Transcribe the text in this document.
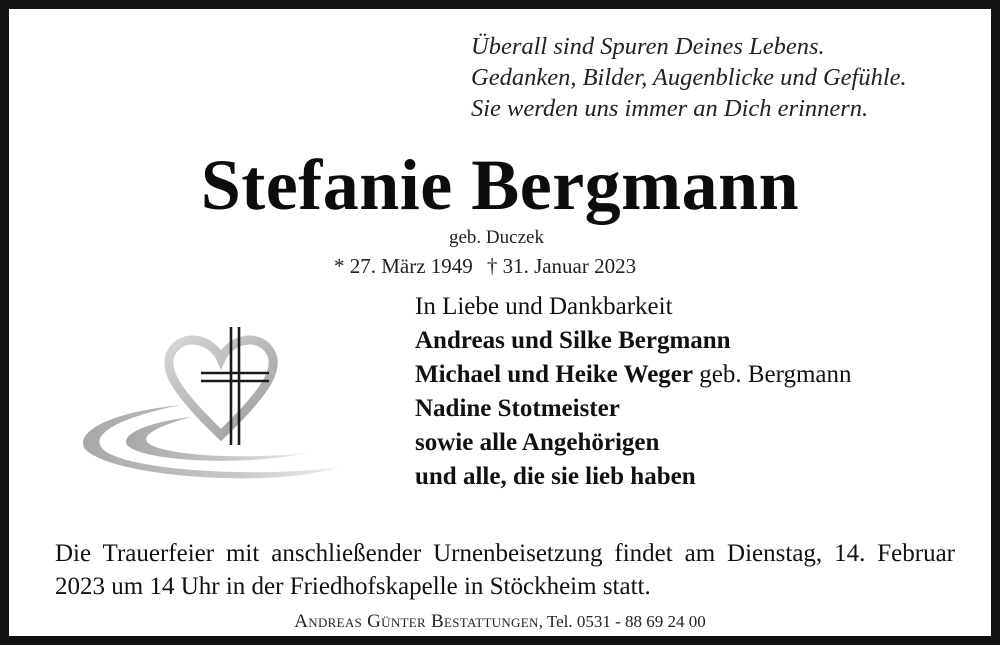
Überall sind Spuren Deines Lebens.
Gedanken, Bilder, Augenblicke und Gefühle.
Sie werden uns immer an Dich erinnern.
Stefanie Bergmann
geb. Duczek
* 27. März 1949 † 31. Januar 2023
In Liebe und Dankbarkeit
Andreas und Silke Bergmann
Michael und Heike Weger geb. Bergmann
Nadine Stotmeister
sowie alle Angehörigen
und alle, die sie lieb haben
Die Trauerfeier mit anschließender Urnenbeisetzung findet am Dienstag, 14. Februar 2023 um 14 Uhr in der Friedhofskapelle in Stöckheim statt.
Andreas Günter Bestattungen, Tel. 0531 - 88 69 24 00
